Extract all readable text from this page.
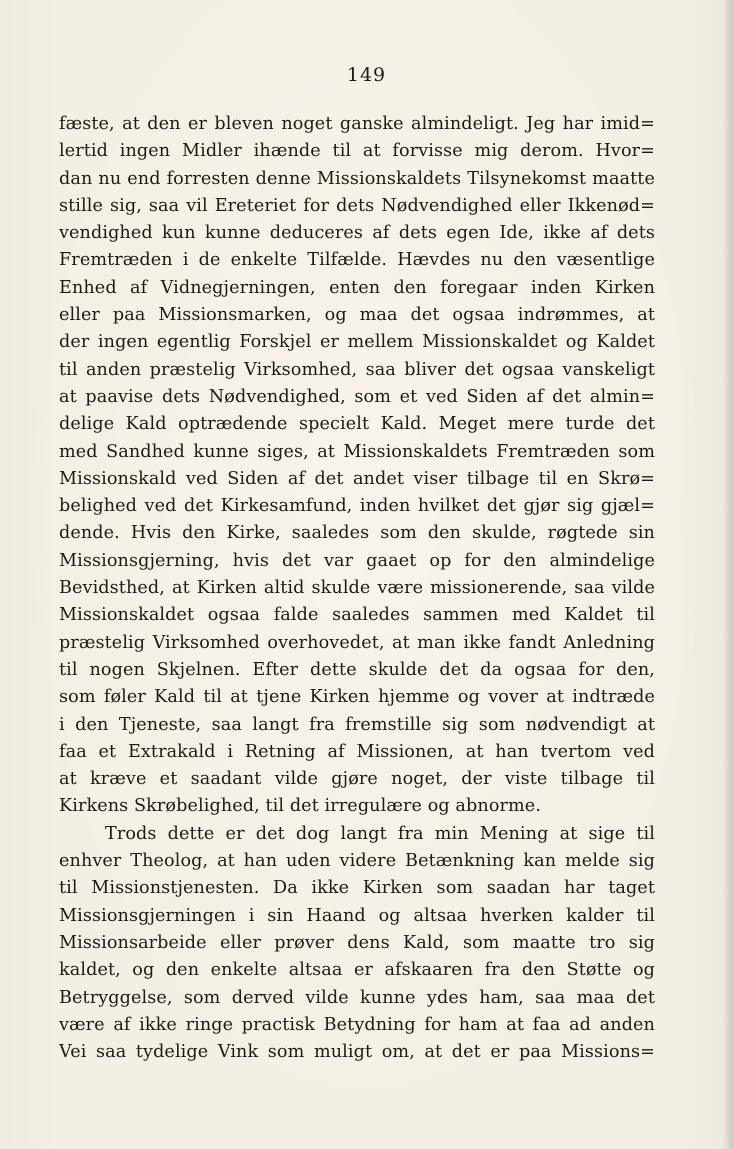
149
fæste, at den er bleven noget ganske almindeligt. Jeg har imid=
lertid ingen Midler ihænde til at forvisse mig derom. Hvor=
dan nu end forresten denne Missionskaldets Tilsynekomst maatte
stille sig, saa vil Ereteriet for dets Nødvendighed eller Ikkenød=
vendighed kun kunne deduceres af dets egen Ide, ikke af dets
Fremtræden i de enkelte Tilfælde. Hævdes nu den væsentlige
Enhed af Vidnegjerningen, enten den foregaar inden Kirken
eller paa Missionsmarken, og maa det ogsaa indrømmes, at
der ingen egentlig Forskjel er mellem Missionskaldet og Kaldet
til anden præstelig Virksomhed, saa bliver det ogsaa vanskeligt
at paavise dets Nødvendighed, som et ved Siden af det almin=
delige Kald optrædende specielt Kald. Meget mere turde det
med Sandhed kunne siges, at Missionskaldets Fremtræden som
Missionskald ved Siden af det andet viser tilbage til en Skrø=
belighed ved det Kirkesamfund, inden hvilket det gjør sig gjæl=
dende. Hvis den Kirke, saaledes som den skulde, røgtede sin
Missionsgjerning, hvis det var gaaet op for den almindelige
Bevidsthed, at Kirken altid skulde være missionerende, saa vilde
Missionskaldet ogsaa falde saaledes sammen med Kaldet til
præstelig Virksomhed overhovedet, at man ikke fandt Anledning
til nogen Skjelnen. Efter dette skulde det da ogsaa for den,
som føler Kald til at tjene Kirken hjemme og vover at indtræde
i den Tjeneste, saa langt fra fremstille sig som nødvendigt at
faa et Extrakald i Retning af Missionen, at han tvertom ved
at kræve et saadant vilde gjøre noget, der viste tilbage til
Kirkens Skrøbelighed, til det irregulære og abnorme.
Trods dette er det dog langt fra min Mening at sige til
enhver Theolog, at han uden videre Betænkning kan melde sig
til Missionstjenesten. Da ikke Kirken som saadan har taget
Missionsgjerningen i sin Haand og altsaa hverken kalder til
Missionsarbeide eller prøver dens Kald, som maatte tro sig
kaldet, og den enkelte altsaa er afskaaren fra den Støtte og
Betryggelse, som derved vilde kunne ydes ham, saa maa det
være af ikke ringe practisk Betydning for ham at faa ad anden
Vei saa tydelige Vink som muligt om, at det er paa Missions=
